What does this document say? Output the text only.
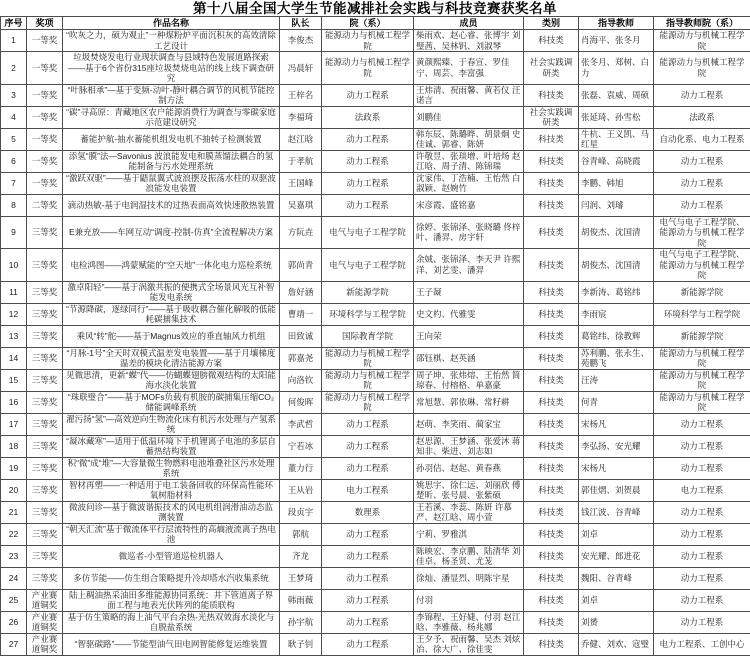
第十八届全国大学生节能减排社会实践与科技竞赛获奖名单
序号	奖项	作品名称	队长	院（系）	成员	类别	指导教师	指导教师院（系）
1	一等奖	“吹灰之力，硕为观止”一种煤粉炉平面沉积灰的高效清除工艺设计	李俊杰	能源动力与机械工程学院	柴雨欢、赵心睿、张博宇 刘璧茜、吴林钒、刘淑琴	科技类	肖海平、张冬月	能源动力与机械工程学院
2	一等奖	垃圾焚烧发电行业现状调查与县域特色发展道路探索——基于6个省份315座垃圾焚烧电站的线上线下调查研究	冯晨轩	能源动力与机械工程学院	黄颜熙臻、于春宣、罗佳宁、周芸、李富强	社会实践调研类	张冬月、郑树、白力	能源动力与机械工程学院
3	一等奖	“叶脉相承”—基于变频-动叶-静叶耦合调节的风机节能控制方法	王梓名	动力工程系	王炜清、祝雨馨、黄若仪 汪诺言	科技类	张磊、袁威、周硕	动力工程系
4	一等奖	“碳”寻高原：青藏地区农户能源消费行为调查与零碳家庭示范建设研究	李福琦	法政系	刘鹏佳	社会实践调研类	张延琦、孙雪松	法政系
5	一等奖	蓄能护航-抽水蓄能机组发电机不抽转子检测装置	赵江晗	动力工程系	韩东辰、陈璐晔、胡景炯 史佳诚、郭睿、陈妍	科技类	牛杭、王义凯、马红星	自动化系、电力工程系
6	一等奖	添氢“膜”法—Savonius 波浪能发电和膜蒸馏法耦合的氢能制备与污水处理系统	于孝航	动力工程系	许敬昱、张琰增、叶培炀 赵江晗、周子清、陈锦瑞	科技类	谷青峰、高晓霞	动力工程系
7	一等奖	“激跃双驱”——基于鼯鼠翼式波浪摆及振荡水柱的双驱波浪能发电装置	王国峰	动力工程系	沈家伟、丁浩楠、王怡然 白淑颖、赵婉竹	科技类	李鹏、韩旭	动力工程系
8	二等奖	滴动热敏-基于电润湿技术的过热表面高效快速散热装置	吴嘉琪	动力工程系	宋彦霞、盛铭嘉	科技类	闫润、刘璿	动力工程系
9	三等奖	E兼充放——车网互动“调度-控制-仿真”全流程解决方案	方阮垚	电气与电子工程学院	徐婷、张锦泽、张晓璐 佟梓叶、潘羿、房宇轩	科技类	胡俊杰、沈国清	电气与电子工程学院、能源动力与机械工程学院
10	三等奖	电检鸿图——鸿蒙赋能的“空天地”一体化电力巡检系统	郭尚青	电气与电子工程学院	余娀、张锦泽、李天尹 许熙洋、刘艺雯、潘羿	科技类	胡俊杰、沈国清	电气与电子工程学院、能源动力与机械工程学院
11	三等奖	激卓阳轻”——基于涡激共振的便携式全场景风光互补智能发电系统	詹好涵	新能源学院	王子凝	科技类	李新涛、葛铭纬	新能源学院
12	三等奖	“节源降碳，逐绿同行”——基于吸收耦合催化解吸的低能耗碳捕集技术	曹靖一	环境科学与工程学院	史文杓、代雅雯	科技类	李雨宸	环境科学与工程学院
13	三等奖	乘风“转”舵——基于Magnus效应的垂直轴风力机组	田致诚	国际教育学院	王向荣	科技类	葛铭纬、徐教辉	新能源学院
14	三等奖	“月脉-1号”全天时双模式温差发电装置——基于月壤梯度温差的模块化清洁能源方案	郭嘉尧	能源动力与机械工程学院	邵钰棋、赵英涵	科技类	苏利鹏、张永生、苑鹏飞	能源动力与机械工程学院
15	三等奖	见微思清，更新“蝶”代——仿蝴蝶翅膀微观结构的太阳能海水淡化装置	向洛钦	能源动力与机械工程学院	周子坤、张炜熔、王怡然 简琼春、付榕格、单嘉豪	科技类	汪涛	能源动力与机械工程学院
16	三等奖	“珠联璧合”——基于MOFs负载有机胺的碳捕集压缩CO₂储能调峰系统	何俊晖	能源动力与机械工程学院	常旭慧、郭依琳、常籽耕	科技类	何青	能源动力与机械工程学院
17	三等奖	濯污扬“氢”—高效逆向生物流化床有机污水处理与产氢系统	李武哲	动力工程系	赵萌、李笑雨、蔺家宝	科技类	宋杨凡	动力工程系
18	三等奖	“凝冰藏寒”—适用于低温环境下手机锂离子电池的多层自蓄热结构装置	宁若冰	动力工程系	赵思源、王梦涵、张爱沐 蒋知非、柴进、刘志如	科技类	李弘扬、安光耀	动力工程系
19	三等奖	积“微”成“堆”—大容量微生物燃料电池堆叠社区污水处理系统	董力行	动力工程系	孙羽佶、赵起、黄春燕	科技类	宋杨凡	动力工程系
20	三等奖	智材再塑——一种适用于电工装备回收的环保高性能环氧树脂材料	王从岩	电力工程系	姚思宇、徐仁远、刘丽欣 傅楚昕、张号晨、张紫硕	科技类	郭佳熠、刘贺晨	电力工程系
21	三等奖	微波问诊—基于微波谐振技术的风电机组润滑油动态监测装置	段贞宇	数理系	王若溪、李蕊、陈妍 许慕严、赵江晗、周小萱	科技类	钱江波、谷青峰	动力工程系
22	三等奖	“朝天汇流”基于微流体平行层流特性的高熵液流离子热电池	郭航	动力工程系	宁莉、罗雅淇	科技类	刘卓	动力工程系
23	三等奖	微巡者-小型管道巡检机器人	齐龙	动力工程系	陈映宏、李京鹏、陆清华 刘佳卓、杨圣贤、尤茏	科技类	安光耀、郎进花	动力工程系
24	三等奖	多仿节能——仿生组合策略提升冷却塔水汽收集系统	王梦琦	动力工程系	徐灿、潘显烈、明陈宇星	科技类	魏阳、谷青峰	动力工程系
25	产业赛道铜奖	陆上稠油热采油田多维能源协同系统：井下管道离子界面工程与地表光伏阵列的能质联构	韩雨薇	动力工程系	付羽	科技类	刘卓	动力工程系
26	产业赛道铜奖	基于仿生策略的海上油气平台余热-光热双效海水淡化与自脱盐系统	孙宇航	动力工程系	李锦程、王好婕、付羽 赵江晗、李雅薇、杨兆娜	科技类	刘赟	动力工程系
27	产业赛道铜奖	“智驱碳路”——节能型油气田电网智能修复运维装置	耿子钊	动力工程系	王夕予、祝雨馨、吴杰 刘炫冶、徐大广、徐佳雯	科技类	乔健、刘欢、寇璧	电力工程系、工创中心
